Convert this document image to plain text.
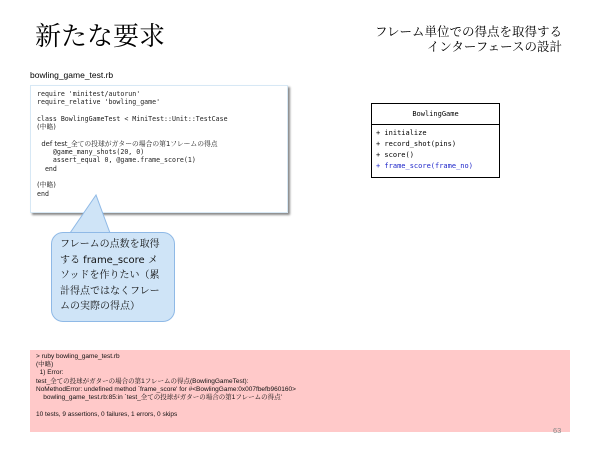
新たな要求	フレーム単位での得点を取得する
インターフェースの設計
bowling_game_test.rb
require 'minitest/autorun'
require_relative 'bowling_game'
class BowlingGameTest < MiniTest::Unit::TestCase
(中略)
def test_全ての投球がガターの場合の第1フレームの得点
@game_many_shots(20, 0)
assert_equal 0, @game.frame_score(1)
end
(中略)
end
フレームの点数を取得
する frame_score メ
ソッドを作りたい（累
計得点ではなくフレー
ムの実際の得点）
BowlingGame
+ initialize
+ record_shot(pins)
+ score()
+ frame_score(frame_no)
> ruby bowling_game_test.rb
(中略)
1) Error:
test_全ての投球がガターの場合の第1フレームの得点(BowlingGameTest):
NoMethodError: undefined method `frame_score' for #<BowlingGame:0x007fbefb960160>
bowling_game_test.rb:85:in `test_全ての投球がガターの場合の第1フレームの得点'
10 tests, 9 assertions, 0 failures, 1 errors, 0 skips
63
